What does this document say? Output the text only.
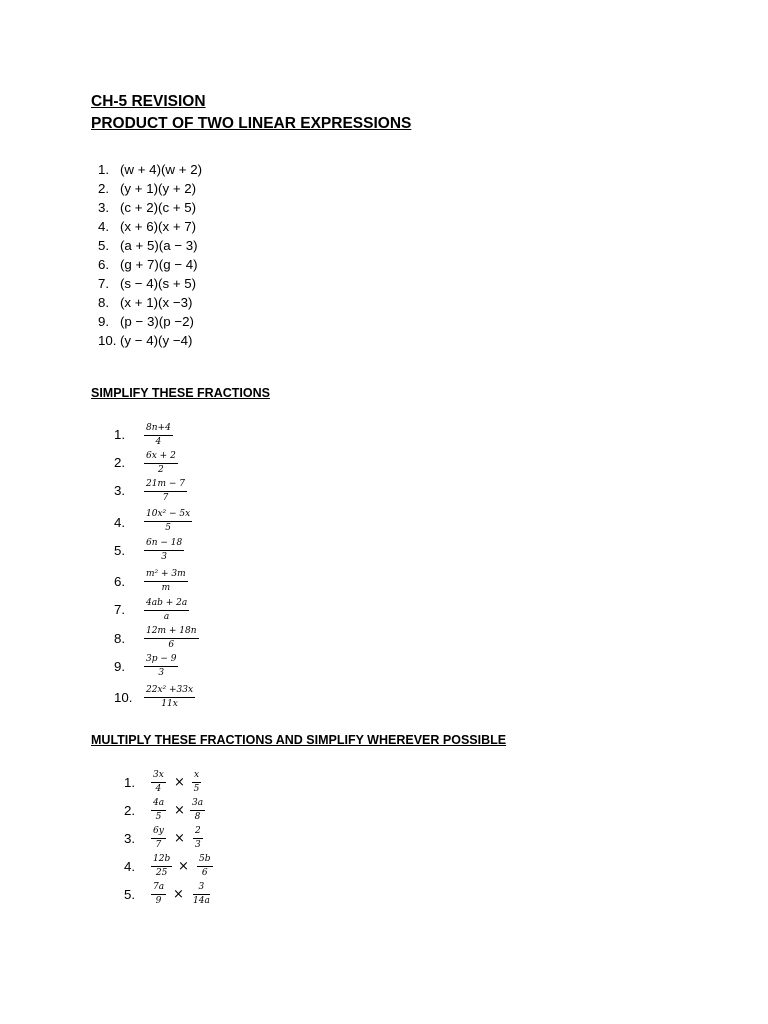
CH-5 REVISION
PRODUCT OF TWO LINEAR EXPRESSIONS
1. (w + 4)(w + 2)
2. (y + 1)(y + 2)
3. (c + 2)(c + 5)
4. (x + 6)(x + 7)
5. (a + 5)(a − 3)
6. (g + 7)(g − 4)
7. (s − 4)(s + 5)
8. (x + 1)(x −3)
9. (p − 3)(p −2)
10. (y − 4)(y −4)
SIMPLIFY THESE FRACTIONS
1. 8n+4
4
2. 6x + 2
2
3. 21m − 7
7
4.
10x² − 5x
5
5. 6n − 18
3
6. m² + 3m
m
7. 4ab + 2a
a
8. 12m + 18n
6
9. 3p − 9
3
10. 22x² +33x
11x
MULTIPLY THESE FRACTIONS AND SIMPLIFY WHEREVER POSSIBLE
1. 3x
4 × x
5
2. 4a
5 × 3a
8
3. 6y
7 × 2
3
4. 12b
25 × 5b
6
5. 7a
9 ×	3
14a
